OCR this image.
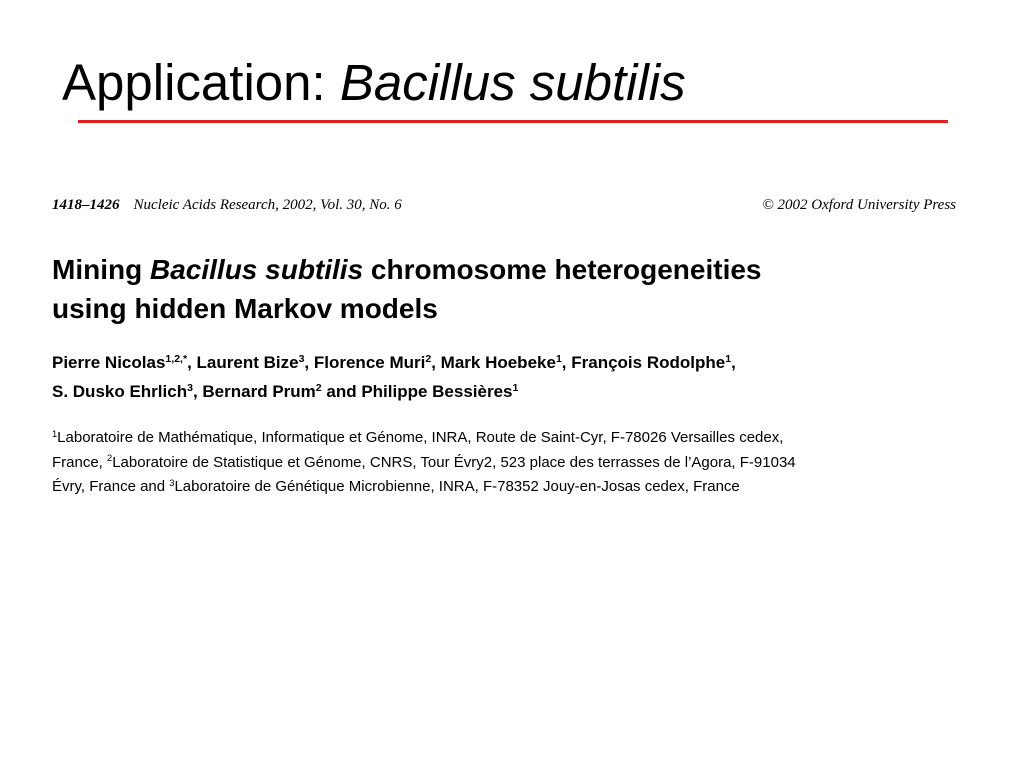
Application: Bacillus subtilis
1418–1426 Nucleic Acids Research, 2002, Vol. 30, No. 6	© 2002 Oxford University Press
Mining Bacillus subtilis chromosome heterogeneities
using hidden Markov models
Pierre Nicolas$^{1,2,*}$, Laurent Bize$^3$, Florence Muri$^2$, Mark Hoebeke$^1$, François Rodolphe$^1$,
S. Dusko Ehrlich$^3$, Bernard Prum$^2$ and Philippe Bessières$^1$
$^1$Laboratoire de Mathématique, Informatique et Génome, INRA, Route de Saint-Cyr, F-78026 Versailles cedex,
France, $^2$Laboratoire de Statistique et Génome, CNRS, Tour Évry2, 523 place des terrasses de l’Agora, F-91034
Évry, France and $^3$Laboratoire de Génétique Microbienne, INRA, F-78352 Jouy-en-Josas cedex, France
